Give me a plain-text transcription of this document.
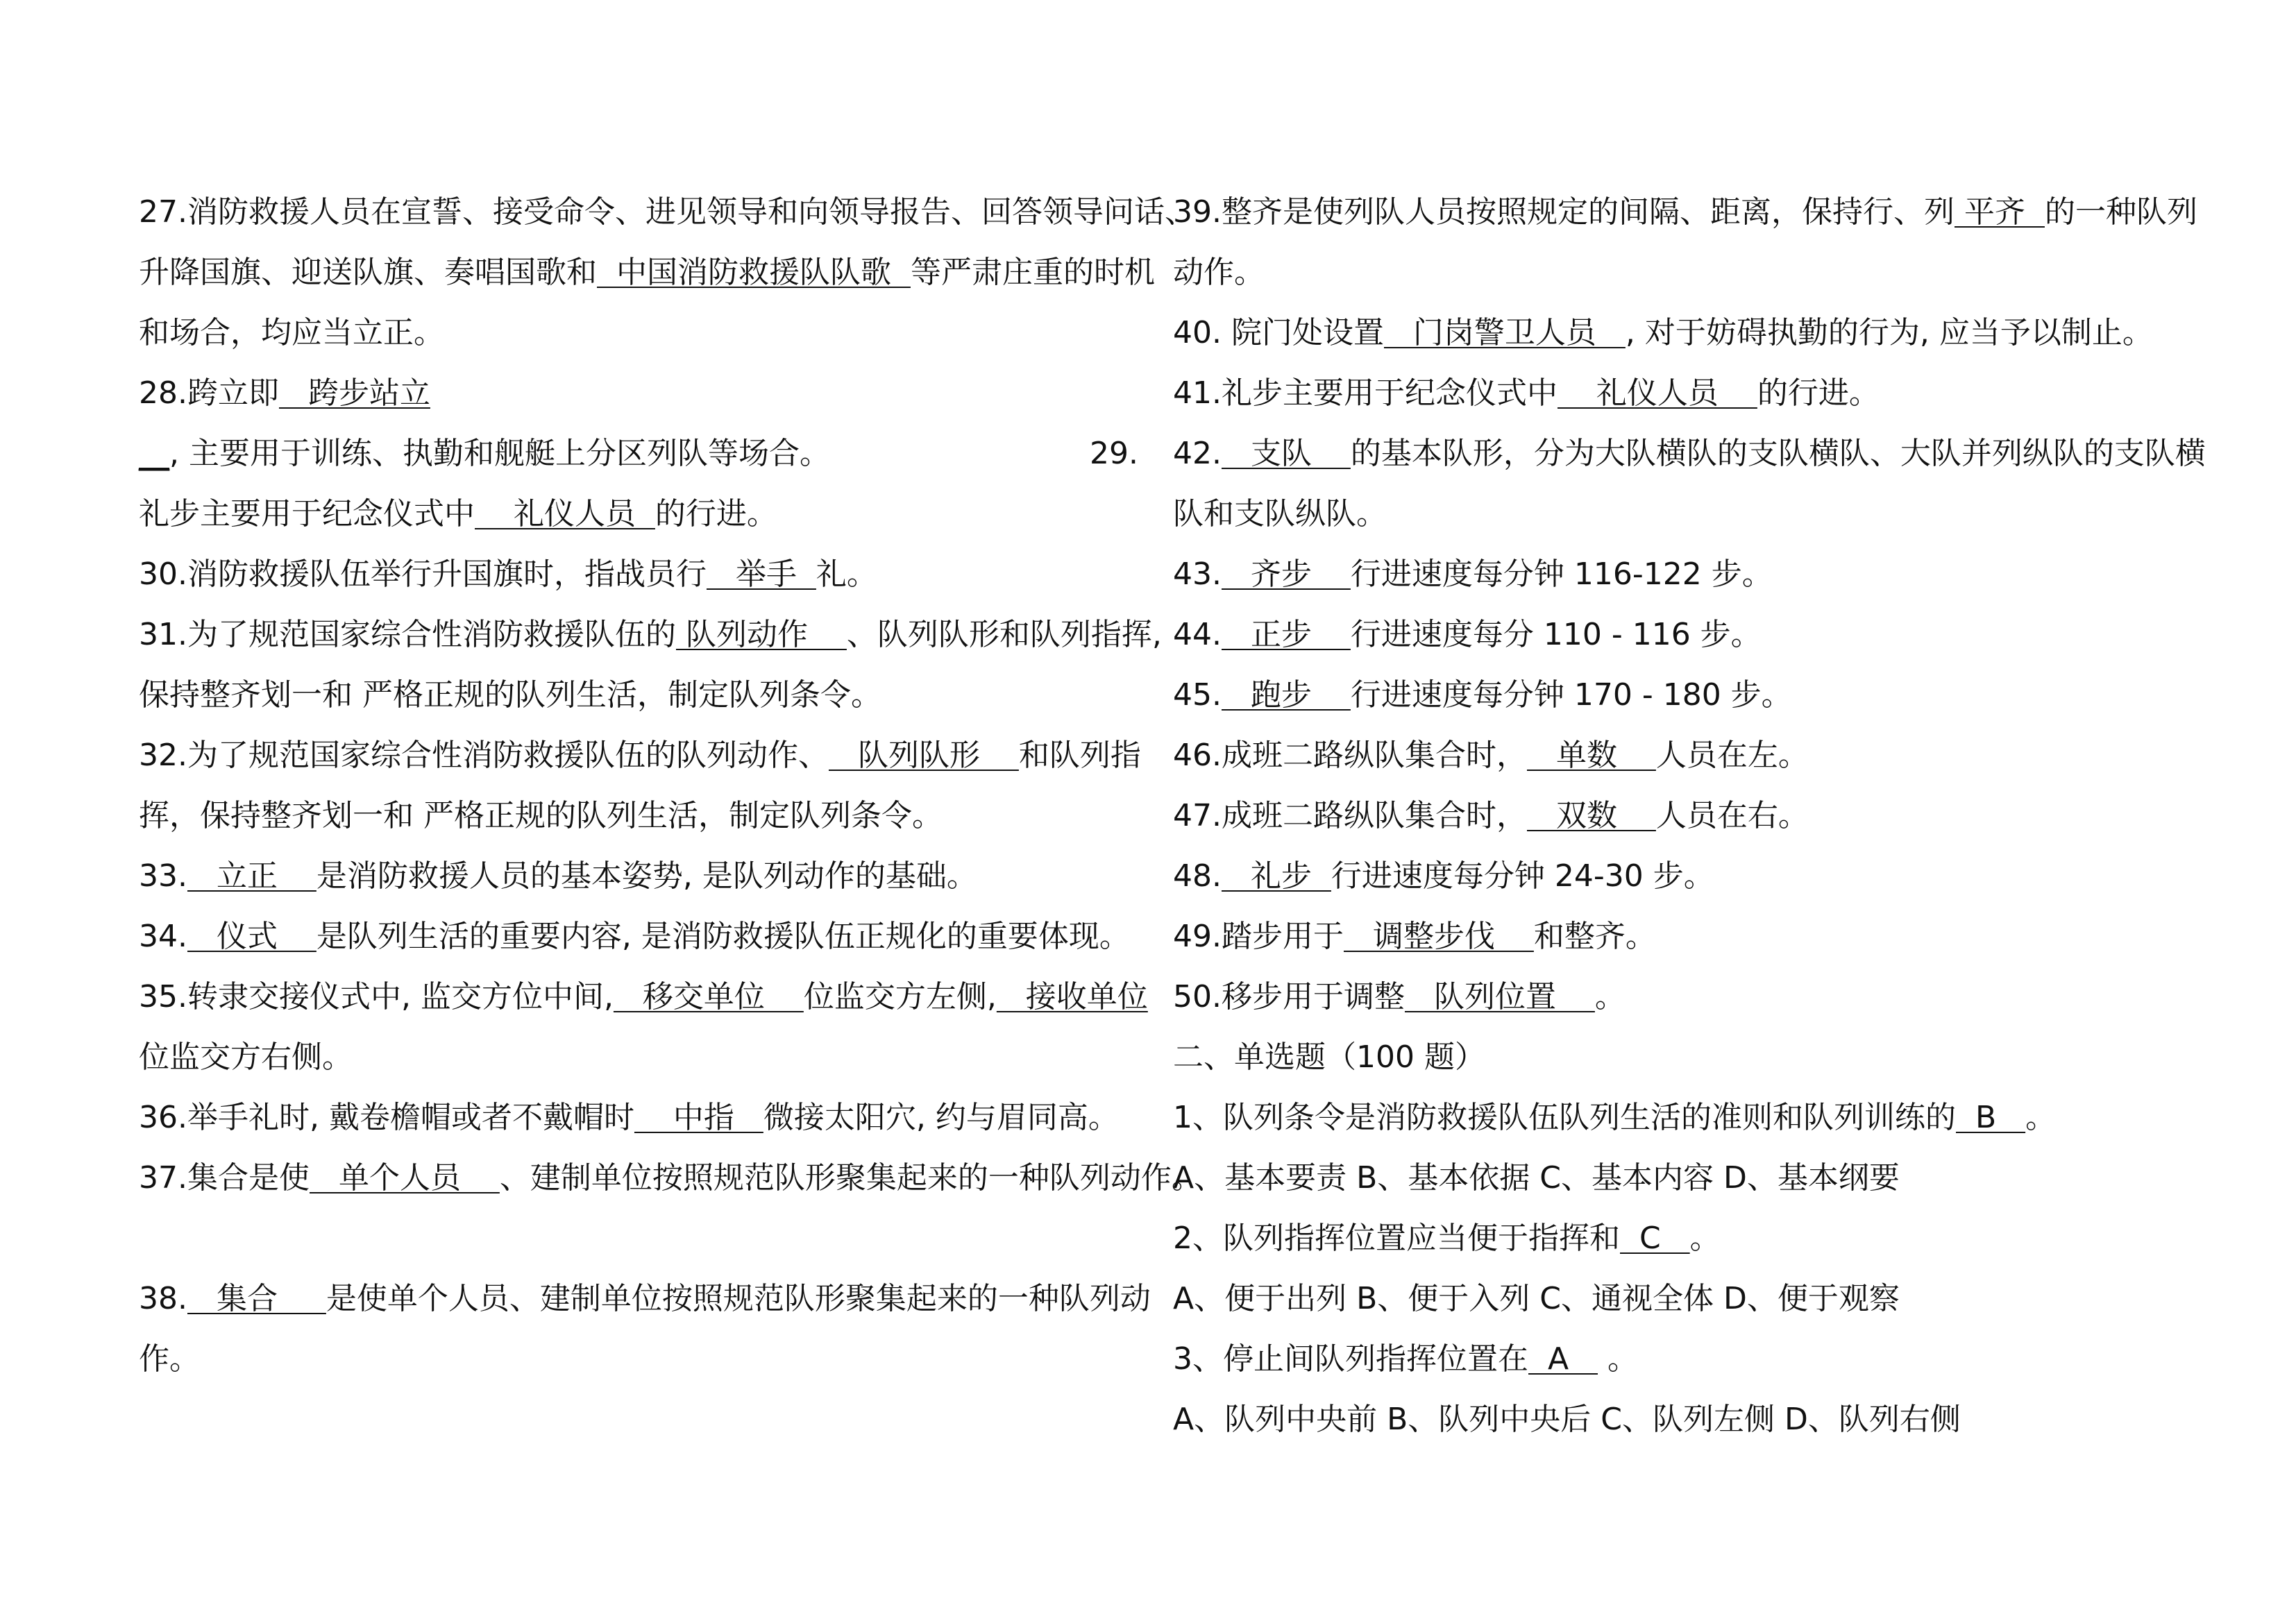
27.消防救援人员在宣誓、接受命令、进见领导和向领导报告、回答领导问话、
升降国旗、迎送队旗、奏唱国歌和  中国消防救援队队歌  等严肃庄重的时机
和场合，均应当立正。
28.跨立即   跨步站立
__, 主要用于训练、执勤和舰艇上分区列队等场合。	29.
礼步主要用于纪念仪式中    礼仪人员  的行进。
30.消防救援队伍举行升国旗时，指战员行   举手  礼。
31.为了规范国家综合性消防救援队伍的 队列动作    、队列队形和队列指挥,
保持整齐划一和 严格正规的队列生活，制定队列条令。
32.为了规范国家综合性消防救援队伍的队列动作、   队列队形    和队列指
挥，保持整齐划一和 严格正规的队列生活，制定队列条令。
33.   立正    是消防救援人员的基本姿势, 是队列动作的基础。
34.   仪式    是队列生活的重要内容, 是消防救援队伍正规化的重要体现。
35.转隶交接仪式中, 监交方位中间,   移交单位    位监交方左侧,   接收单位
位监交方右侧。
36.举手礼时, 戴卷檐帽或者不戴帽时    中指   微接太阳穴, 约与眉同高。
37.集合是使   单个人员    、建制单位按照规范队形聚集起来的一种队列动作。
38.   集合     是使单个人员、建制单位按照规范队形聚集起来的一种队列动
作。
39.整齐是使列队人员按照规定的间隔、距离，保持行、列 平齐  的一种队列
动作。
40. 院门处设置   门岗警卫人员   , 对于妨碍执勤的行为, 应当予以制止。
41.礼步主要用于纪念仪式中    礼仪人员    的行进。
42.   支队    的基本队形，分为大队横队的支队横队、大队并列纵队的支队横
队和支队纵队。
43.   齐步    行进速度每分钟 116-122 步。
44.   正步    行进速度每分 110 - 116 步。
45.   跑步    行进速度每分钟 170 - 180 步。
46.成班二路纵队集合时，   单数    人员在左。
47.成班二路纵队集合时，   双数    人员在右。
48.   礼步  行进速度每分钟 24-30 步。
49.踏步用于   调整步伐    和整齐。
50.移步用于调整   队列位置    。
二、单选题（100 题）
1、队列条令是消防救援队伍队列生活的准则和队列训练的  B   。
A、基本要责 B、基本依据 C、基本内容 D、基本纲要
2、队列指挥位置应当便于指挥和  C   。
A、便于出列 B、便于入列 C、通视全体 D、便于观察
3、停止间队列指挥位置在  A    。
A、队列中央前 B、队列中央后 C、队列左侧 D、队列右侧
